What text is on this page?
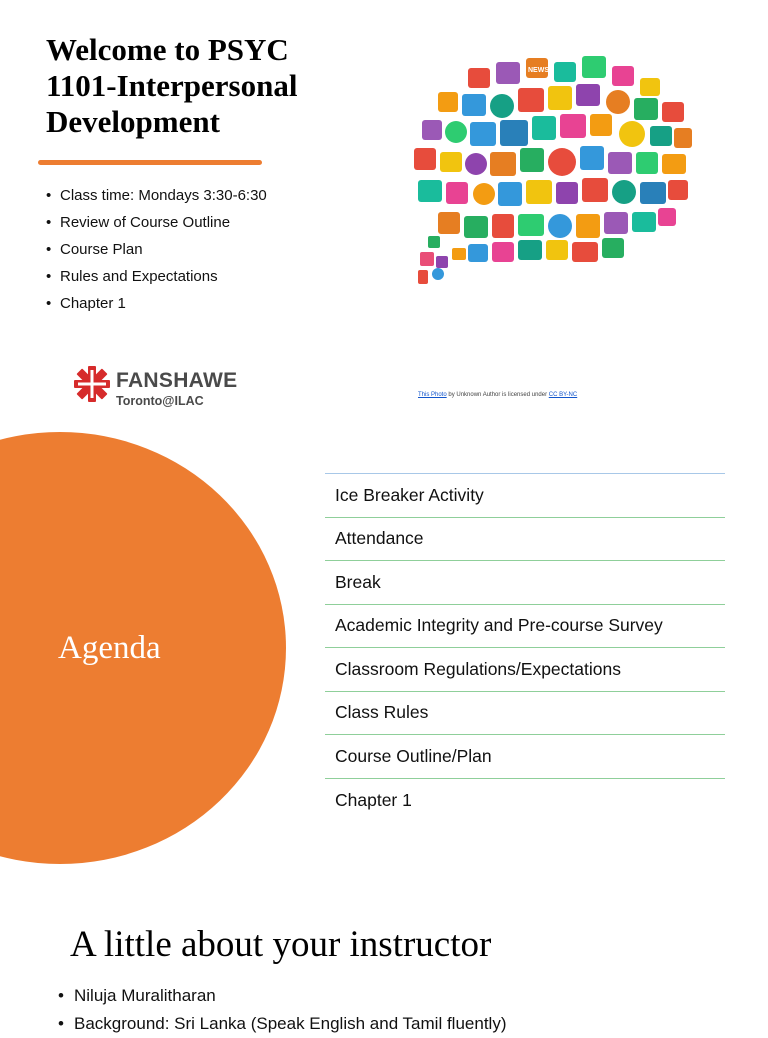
Welcome to PSYC 1101-Interpersonal Development
• Class time: Mondays 3:30-6:30
• Review of Course Outline
• Course Plan
• Rules and Expectations
• Chapter 1
FANSHAWE
Toronto@ILAC
NEWS
This Photo by Unknown Author is licensed under CC BY-NC
Agenda
Ice Breaker Activity
Attendance
Break
Academic Integrity and Pre-course Survey
Classroom Regulations/Expectations
Class Rules
Course Outline/Plan
Chapter 1
A little about your instructor
• Niluja Muralitharan
• Background: Sri Lanka (Speak English and Tamil fluently)
